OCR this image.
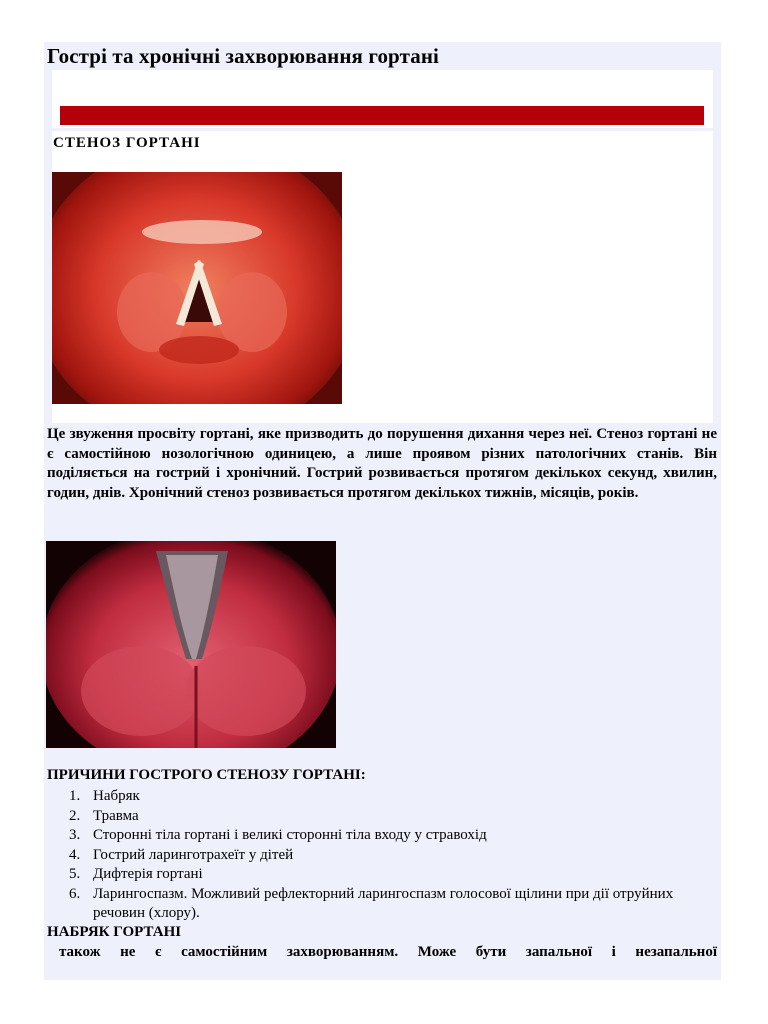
Гострі та хронічні захворювання гортані
СТЕНОЗ ГОРТАНІ

Це звуження просвіту гортані, яке призводить до порушення дихання через неї. Стеноз гортані не є самостійною нозологічною одиницею, а лише проявом різних патологічних станів. Він поділяється на гострий і хронічний. Гострий розвивається протягом декількох секунд, хвилин, годин, днів. Хронічний стеноз розвивається протягом декількох тижнів, місяців, років.

ПРИЧИНИ ГОСТРОГО СТЕНОЗУ ГОРТАНІ:
1. Набряк
2. Травма
3. Сторонні тіла гортані і великі сторонні тіла входу у стравохід
4. Гострий ларинготрахеїт у дітей
5. Дифтерія гортані
6. Ларингоспазм. Можливий рефлекторний ларингоспазм голосової щілини при дії отруйних речовин (хлору).
НАБРЯК ГОРТАНІ

також не є самостійним захворюванням. Може бути запальної і незапальної
